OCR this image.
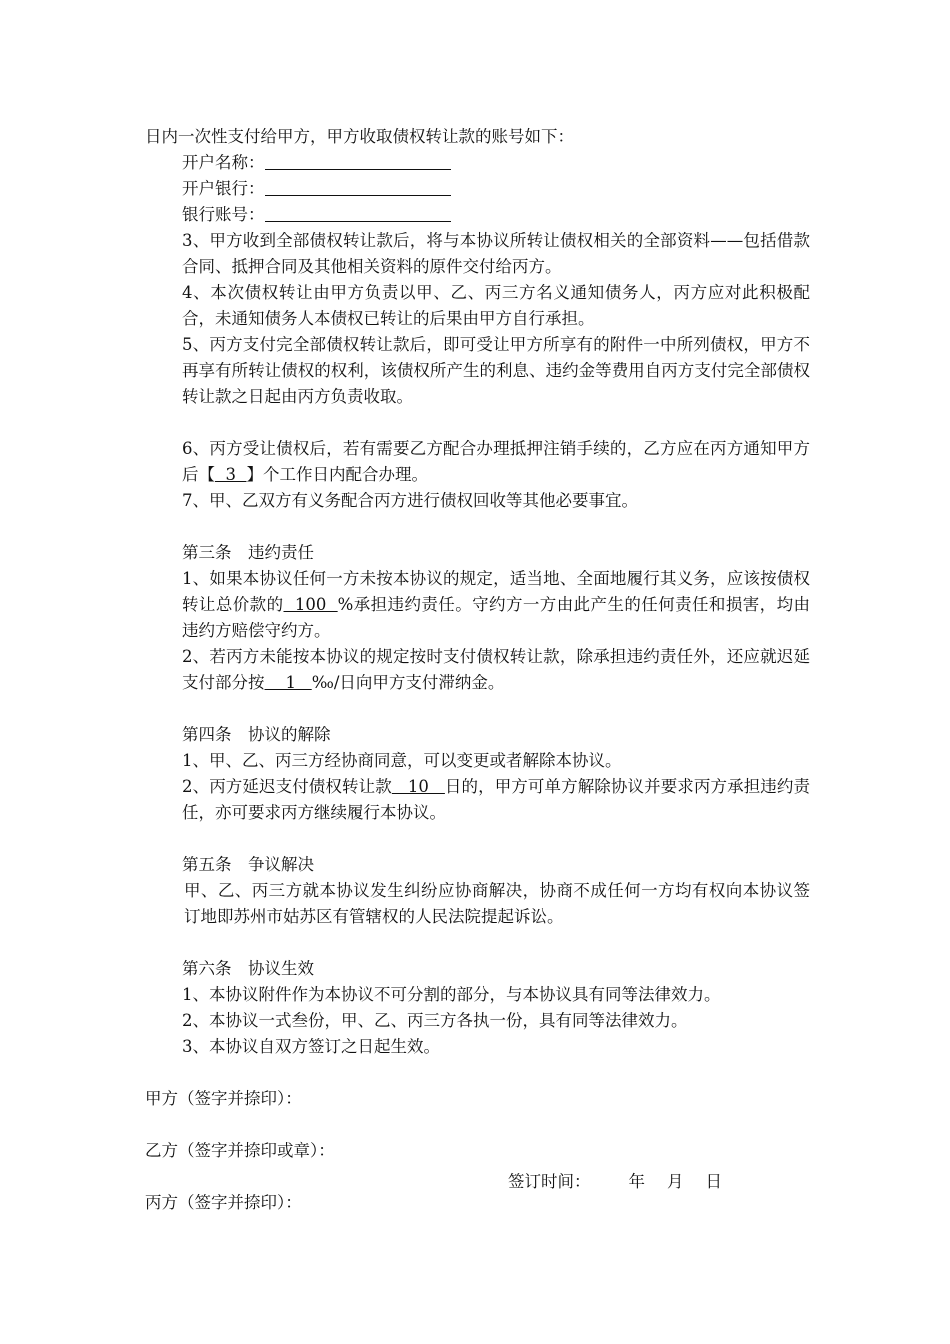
日内一次性支付给甲方，甲方收取债权转让款的账号如下：

开户名称：

开户银行：

银行账号：

3、甲方收到全部债权转让款后，将与本协议所转让债权相关的全部资料——包括借款合同、抵押合同及其他相关资料的原件交付给丙方。

4、本次债权转让由甲方负责以甲、乙、丙三方名义通知债务人，丙方应对此积极配合，未通知债务人本债权已转让的后果由甲方自行承担。

5、丙方支付完全部债权转让款后，即可受让甲方所享有的附件一中所列债权，甲方不再享有所转让债权的权利，该债权所产生的利息、违约金等费用自丙方支付完全部债权转让款之日起由丙方负责收取。

6、丙方受让债权后，若有需要乙方配合办理抵押注销手续的，乙方应在丙方通知甲方后【  3  】个工作日内配合办理。

7、甲、乙双方有义务配合丙方进行债权回收等其他必要事宜。

第三条　违约责任

1、如果本协议任何一方未按本协议的规定，适当地、全面地履行其义务，应该按债权转让总价款的  100  %承担违约责任。守约方一方由此产生的任何责任和损害，均由违约方赔偿守约方。

2、若丙方未能按本协议的规定按时支付债权转让款，除承担违约责任外，还应就迟延支付部分按    1   ‰/日向甲方支付滞纳金。

第四条　协议的解除

1、甲、乙、丙三方经协商同意，可以变更或者解除本协议。

2、丙方延迟支付债权转让款   10   日的，甲方可单方解除协议并要求丙方承担违约责任，亦可要求丙方继续履行本协议。

第五条　争议解决

甲、乙、丙三方就本协议发生纠纷应协商解决，协商不成任何一方均有权向本协议签订地即苏州市姑苏区有管辖权的人民法院提起诉讼。

第六条　协议生效

1、本协议附件作为本协议不可分割的部分，与本协议具有同等法律效力。

2、本协议一式叁份，甲、乙、丙三方各执一份，具有同等法律效力。

3、本协议自双方签订之日起生效。

甲方（签字并捺印）：

乙方（签字并捺印或章）：

丙方（签字并捺印）：

签订时间： 年 月 日
